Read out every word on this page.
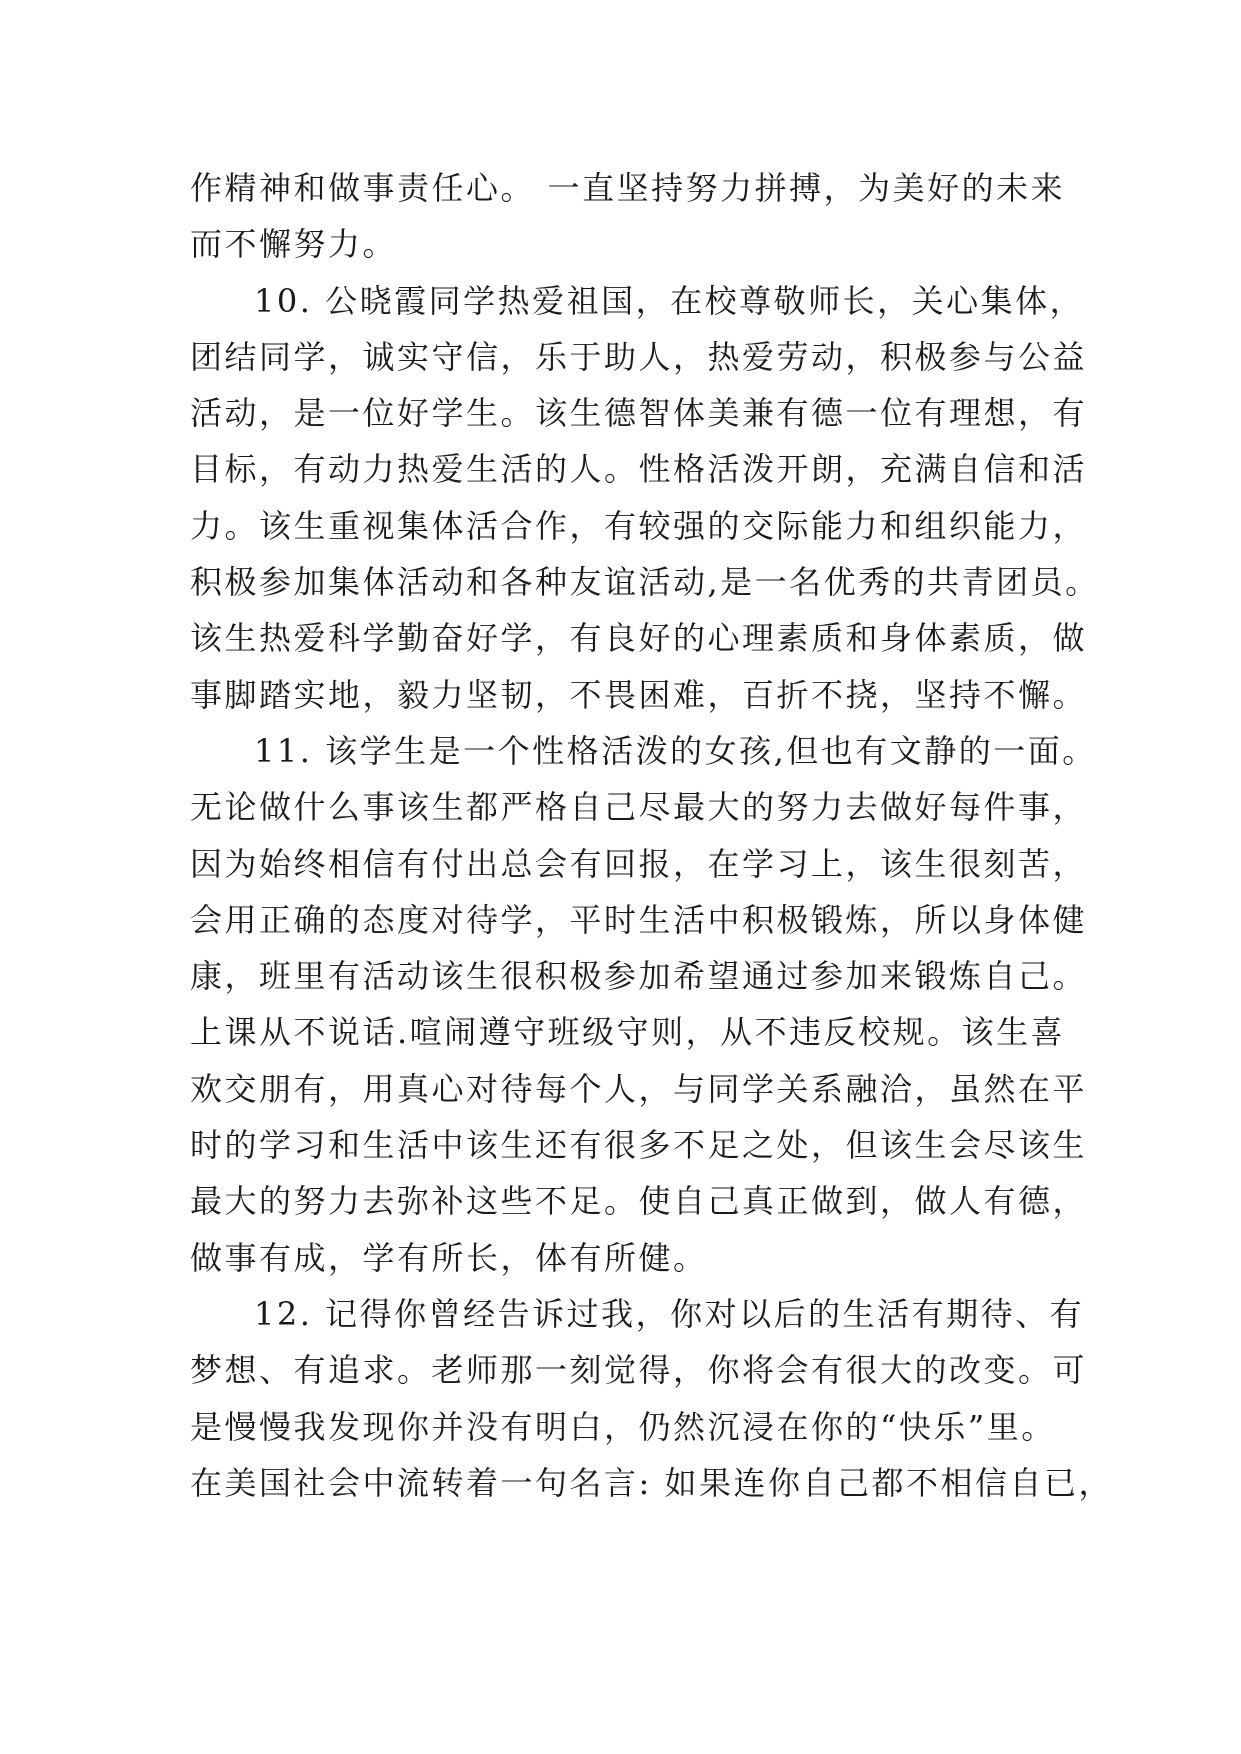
作精神和做事责任心。 一直坚持努力拼搏，为美好的未来
而不懈努力。
10. 公晓霞同学热爱祖国，在校尊敬师长，关心集体，
团结同学，诚实守信，乐于助人，热爱劳动，积极参与公益
活动，是一位好学生。该生德智体美兼有德一位有理想，有
目标，有动力热爱生活的人。性格活泼开朗，充满自信和活
力。该生重视集体活合作，有较强的交际能力和组织能力，
积极参加集体活动和各种友谊活动,是一名优秀的共青团员。
该生热爱科学勤奋好学，有良好的心理素质和身体素质，做
事脚踏实地，毅力坚韧，不畏困难，百折不挠，坚持不懈。
11. 该学生是一个性格活泼的女孩,但也有文静的一面。
无论做什么事该生都严格自己尽最大的努力去做好每件事，
因为始终相信有付出总会有回报，在学习上，该生很刻苦，
会用正确的态度对待学，平时生活中积极锻炼，所以身体健
康，班里有活动该生很积极参加希望通过参加来锻炼自己。
上课从不说话.喧闹遵守班级守则，从不违反校规。该生喜
欢交朋有，用真心对待每个人，与同学关系融洽，虽然在平
时的学习和生活中该生还有很多不足之处，但该生会尽该生
最大的努力去弥补这些不足。使自己真正做到，做人有德，
做事有成，学有所长，体有所健。
12. 记得你曾经告诉过我，你对以后的生活有期待、有
梦想、有追求。老师那一刻觉得，你将会有很大的改变。可
是慢慢我发现你并没有明白，仍然沉浸在你的“快乐”里。
在美国社会中流转着一句名言: 如果连你自己都不相信自已，
